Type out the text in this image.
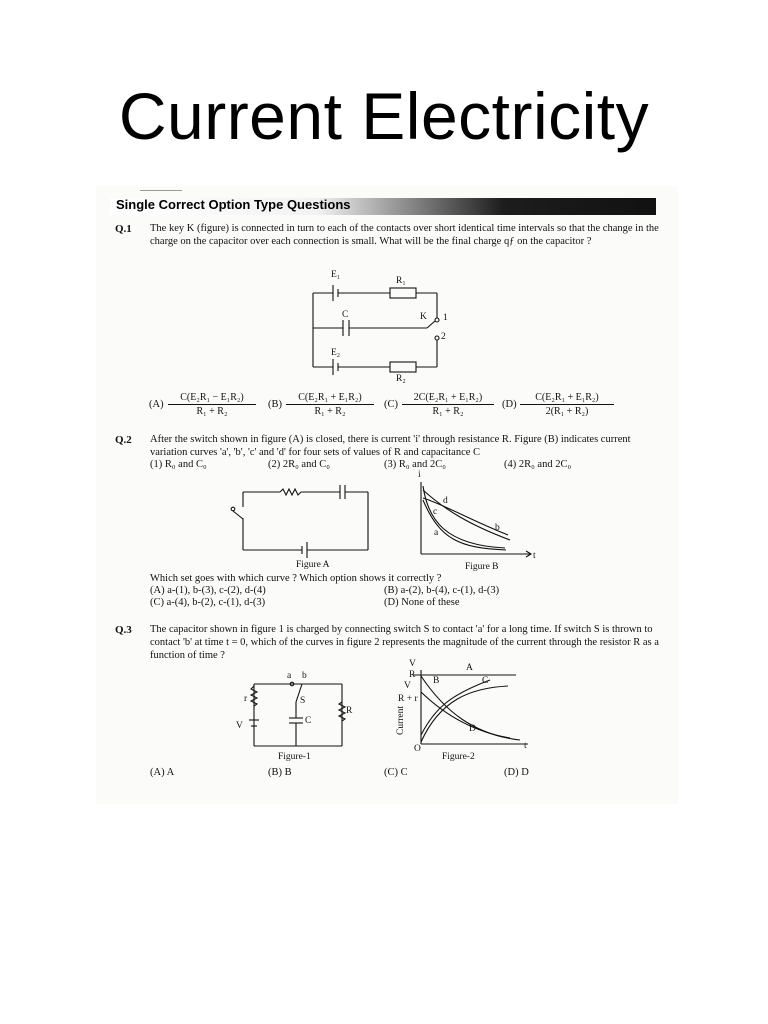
Current Electricity
Single Correct Option Type Questions
Q.1 The key K (figure) is connected in turn to each of the contacts over short identical time intervals so that the change in the charge on the capacitor over each connection is small. What will be the final charge qƒ on the capacitor ?
E₁
R₁
C	K 1
2
E₂
R₂
$(A) \frac{\text{C(E₂R₁ − E₁R₂)}}{\text{R₁ + R₂}} (B) \frac{\text{C(E₂R₁ + E₁R₂)}}{\text{R₁ + R₂}} (C) \frac{\text{2C(E₂R₁ + E₁R₂)}}{\text{R₁ + R₂}} (D) \frac{\text{C(E₂R₁ + E₁R₂)}}{\text{2(R₁ + R₂)}}$
Q.2 After the switch shown in figure (A) is closed, there is current 'i' through resistance R. Figure (B) indicates current variation curves 'a', 'b', 'c' and 'd' for four sets of values of R and capacitance C
(1) R₀ and C₀	(2) 2R₀ and C₀	(3) R₀ and 2C₀	(4) 2R₀ and 2C₀
Figure A
i
t
d
c
b
a
Figure B
Which set goes with which curve ? Which option shows it correctly ?
(A) a-(1), b-(3), c-(2), d-(4)	(B) a-(2), b-(4), c-(1), d-(3)
(C) a-(4), b-(2), c-(1), d-(3)	(D) None of these
Q.3 The capacitor shown in figure 1 is charged by connecting switch S to contact 'a' for a long time. If switch S is thrown to contact 'b' at time t = 0, which of the curves in figure 2 represents the magnitude of the current through the resistor R as a function of time ?
a b
r	S
V	C
R
Figure-1
V
R
V
R + r
Current
O	t
A
B	C
D
Figure-2
(A) A	(B) B	(C) C	(D) D
